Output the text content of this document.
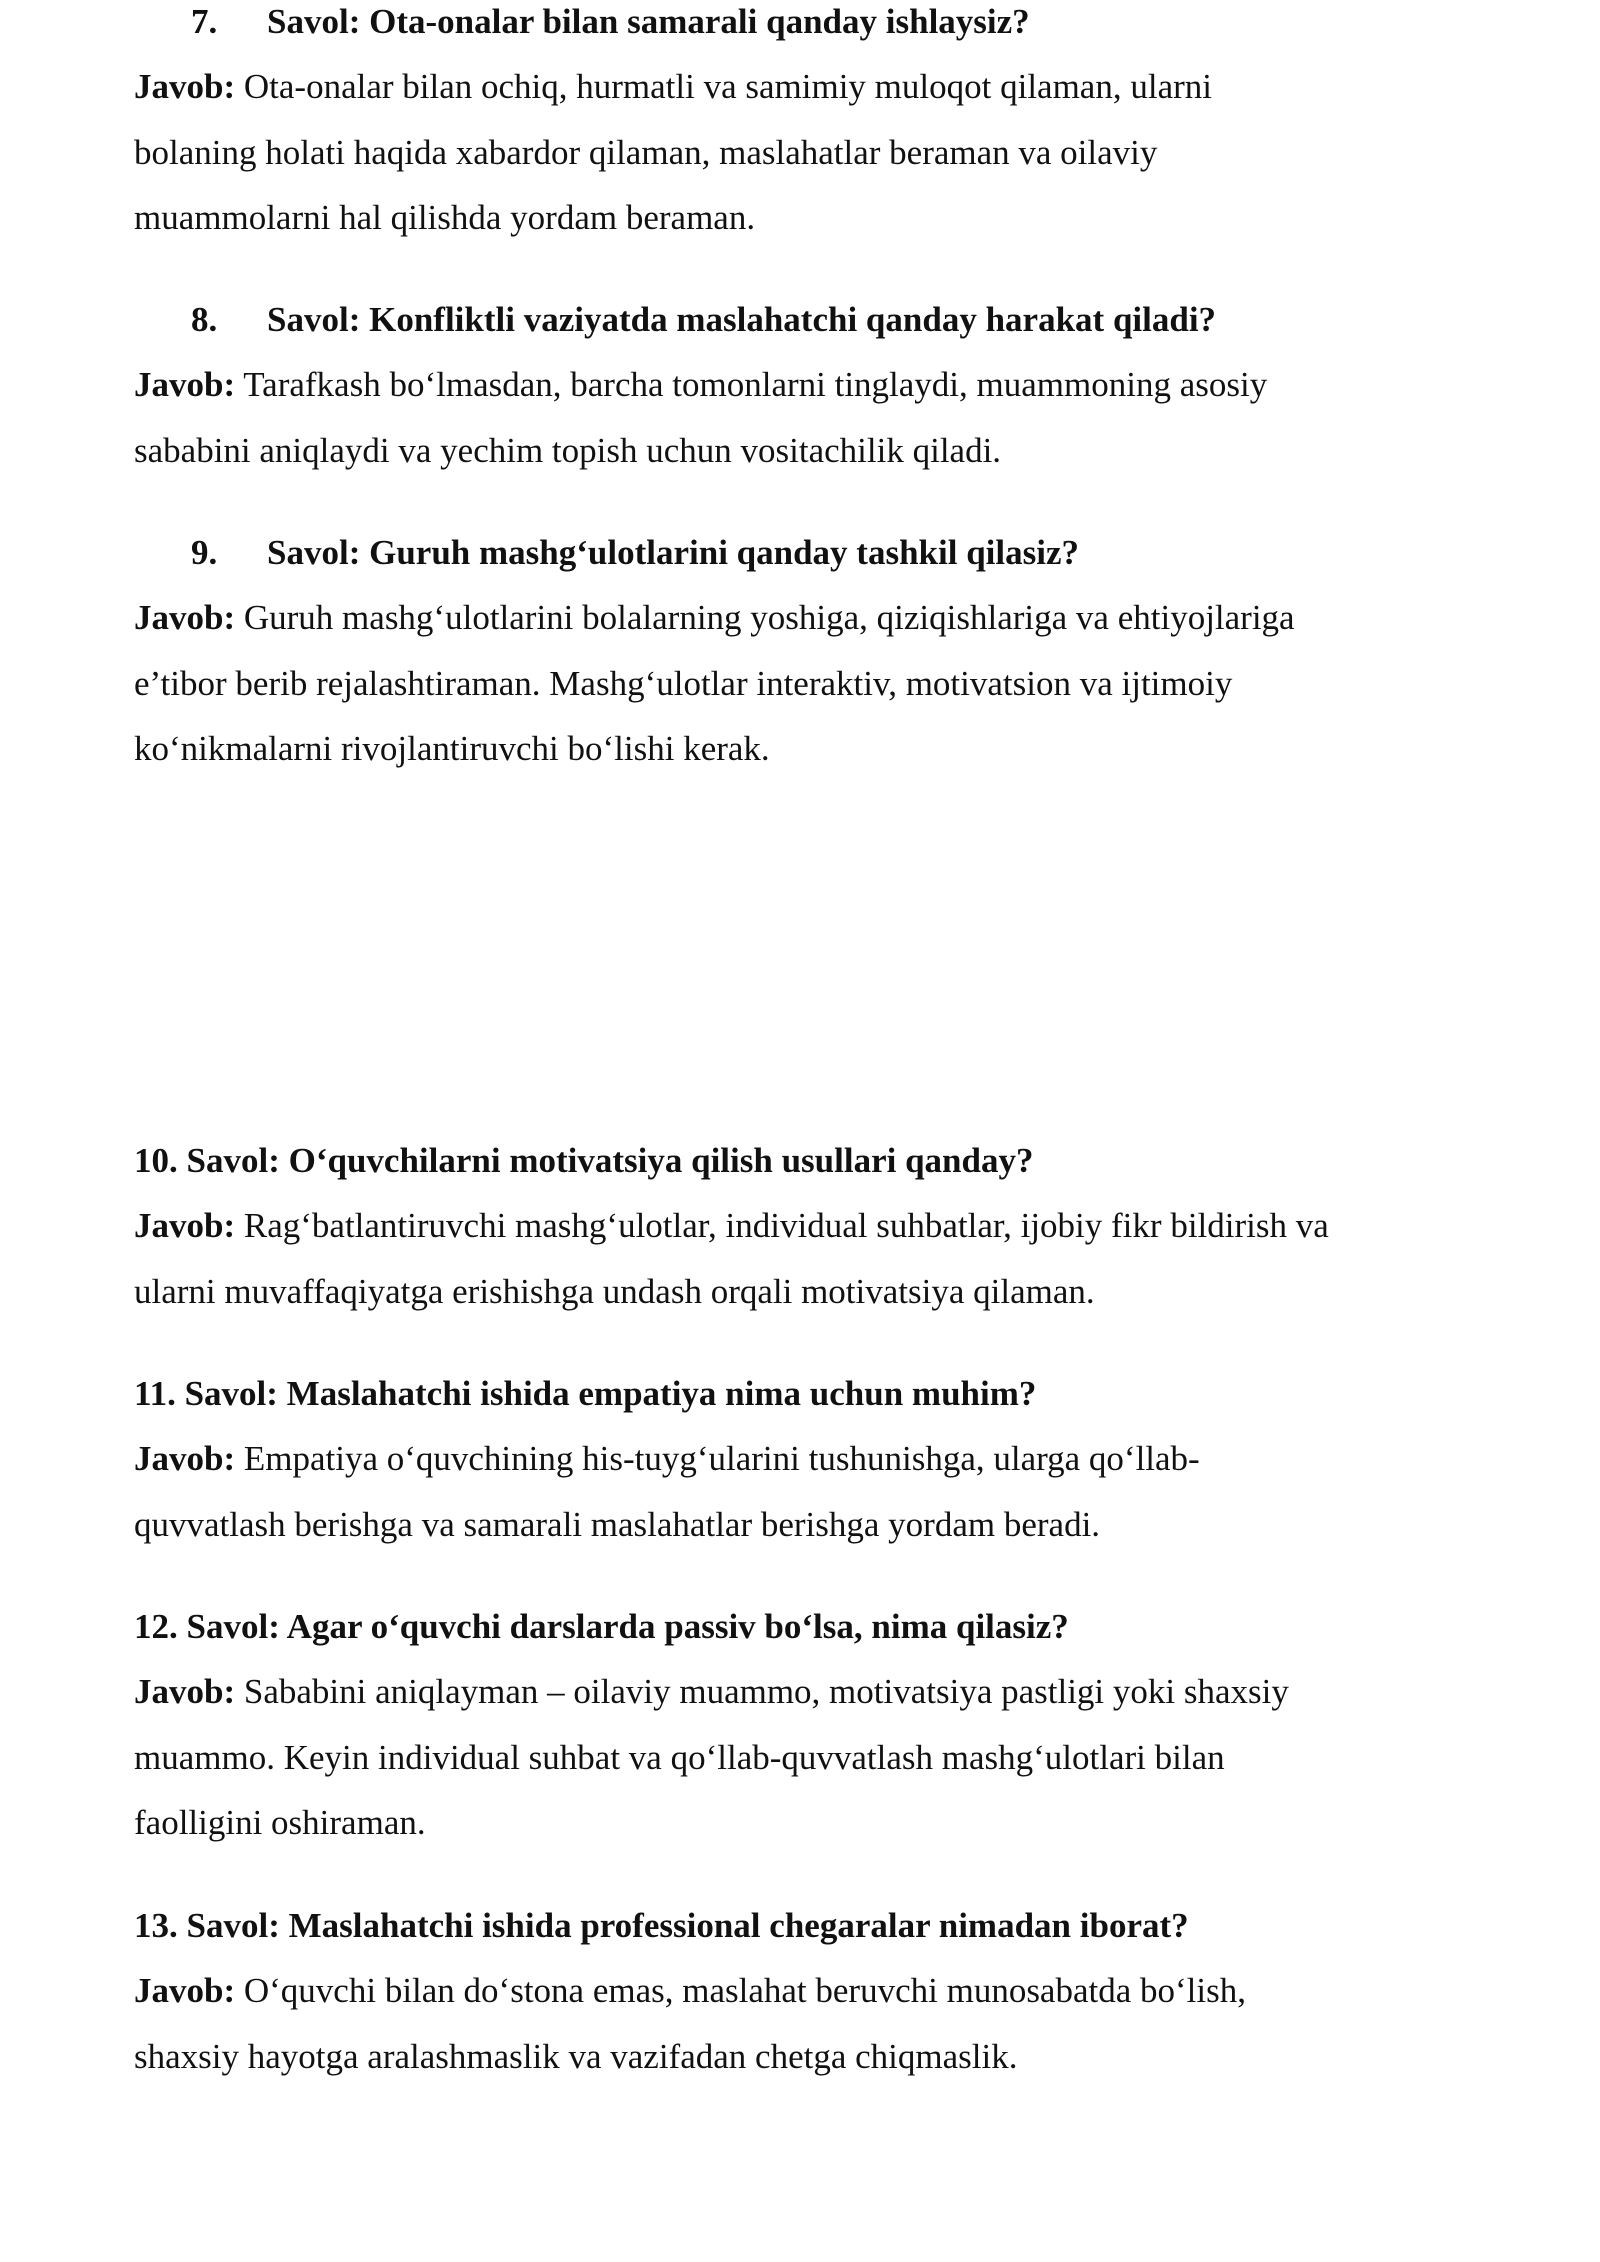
7. Savol: Ota-onalar bilan samarali qanday ishlaysiz?

Javob: Ota-onalar bilan ochiq, hurmatli va samimiy muloqot qilaman, ularni
bolaning holati haqida xabardor qilaman, maslahatlar beraman va oilaviy
muammolarni hal qilishda yordam beraman.

8. Savol: Konfliktli vaziyatda maslahatchi qanday harakat qiladi?

Javob: Tarafkash bo‘lmasdan, barcha tomonlarni tinglaydi, muammoning asosiy
sababini aniqlaydi va yechim topish uchun vositachilik qiladi.

9. Savol: Guruh mashg‘ulotlarini qanday tashkil qilasiz?

Javob: Guruh mashg‘ulotlarini bolalarning yoshiga, qiziqishlariga va ehtiyojlariga
e’tibor berib rejalashtiraman. Mashg‘ulotlar interaktiv, motivatsion va ijtimoiy
ko‘nikmalarni rivojlantiruvchi bo‘lishi kerak.

10. Savol: O‘quvchilarni motivatsiya qilish usullari qanday?

Javob: Rag‘batlantiruvchi mashg‘ulotlar, individual suhbatlar, ijobiy fikr bildirish va
ularni muvaffaqiyatga erishishga undash orqali motivatsiya qilaman.

11. Savol: Maslahatchi ishida empatiya nima uchun muhim?

Javob: Empatiya o‘quvchining his-tuyg‘ularini tushunishga, ularga qo‘llab-
quvvatlash berishga va samarali maslahatlar berishga yordam beradi.

12. Savol: Agar o‘quvchi darslarda passiv bo‘lsa, nima qilasiz?

Javob: Sababini aniqlayman – oilaviy muammo, motivatsiya pastligi yoki shaxsiy
muammo. Keyin individual suhbat va qo‘llab-quvvatlash mashg‘ulotlari bilan
faolligini oshiraman.

13. Savol: Maslahatchi ishida professional chegaralar nimadan iborat?

Javob: O‘quvchi bilan do‘stona emas, maslahat beruvchi munosabatda bo‘lish,
shaxsiy hayotga aralashmaslik va vazifadan chetga chiqmaslik.
